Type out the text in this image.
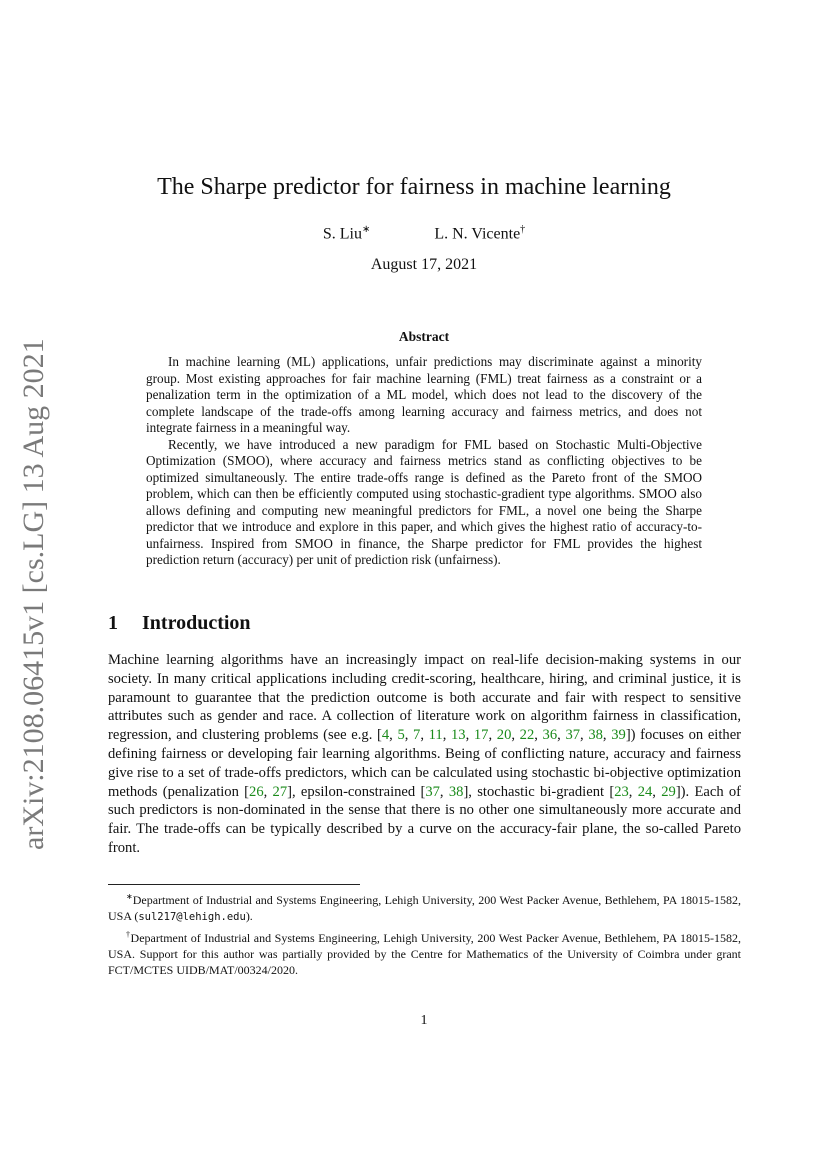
arXiv:2108.06415v1 [cs.LG] 13 Aug 2021
The Sharpe predictor for fairness in machine learning
S. Liu∗	L. N. Vicente†
August 17, 2021
Abstract

In machine learning (ML) applications, unfair predictions may discriminate against a minority group. Most existing approaches for fair machine learning (FML) treat fairness as a constraint or a penalization term in the optimization of a ML model, which does not lead to the discovery of the complete landscape of the trade-offs among learning accuracy and fairness metrics, and does not integrate fairness in a meaningful way.

Recently, we have introduced a new paradigm for FML based on Stochastic Multi-Objective Optimization (SMOO), where accuracy and fairness metrics stand as conflicting objectives to be optimized simultaneously. The entire trade-offs range is defined as the Pareto front of the SMOO problem, which can then be efficiently computed using stochastic-gradient type algorithms. SMOO also allows defining and computing new meaningful predictors for FML, a novel one being the Sharpe predictor that we introduce and explore in this paper, and which gives the highest ratio of accuracy-to-unfairness. Inspired from SMOO in finance, the Sharpe predictor for FML provides the highest prediction return (accuracy) per unit of prediction risk (unfairness).

1 Introduction
Machine learning algorithms have an increasingly impact on real-life decision-making systems in our society. In many critical applications including credit-scoring, healthcare, hiring, and criminal justice, it is paramount to guarantee that the prediction outcome is both accurate and fair with respect to sensitive attributes such as gender and race. A collection of literature work on algorithm fairness in classification, regression, and clustering problems (see e.g. [4, 5, 7, 11, 13, 17, 20, 22, 36, 37, 38, 39]) focuses on either defining fairness or developing fair learning algorithms. Being of conflicting nature, accuracy and fairness give rise to a set of trade-offs predictors, which can be calculated using stochastic bi-objective optimization methods (penalization [26, 27], epsilon-constrained [37, 38], stochastic bi-gradient [23, 24, 29]). Each of such predictors is non-dominated in the sense that there is no other one simultaneously more accurate and fair. The trade-offs can be typically described by a curve on the accuracy-fair plane, the so-called Pareto front.

∗Department of Industrial and Systems Engineering, Lehigh University, 200 West Packer Avenue, Bethlehem, PA 18015-1582, USA (sul217@lehigh.edu).

†Department of Industrial and Systems Engineering, Lehigh University, 200 West Packer Avenue, Bethlehem, PA 18015-1582, USA. Support for this author was partially provided by the Centre for Mathematics of the University of Coimbra under grant FCT/MCTES UIDB/MAT/00324/2020.

1
